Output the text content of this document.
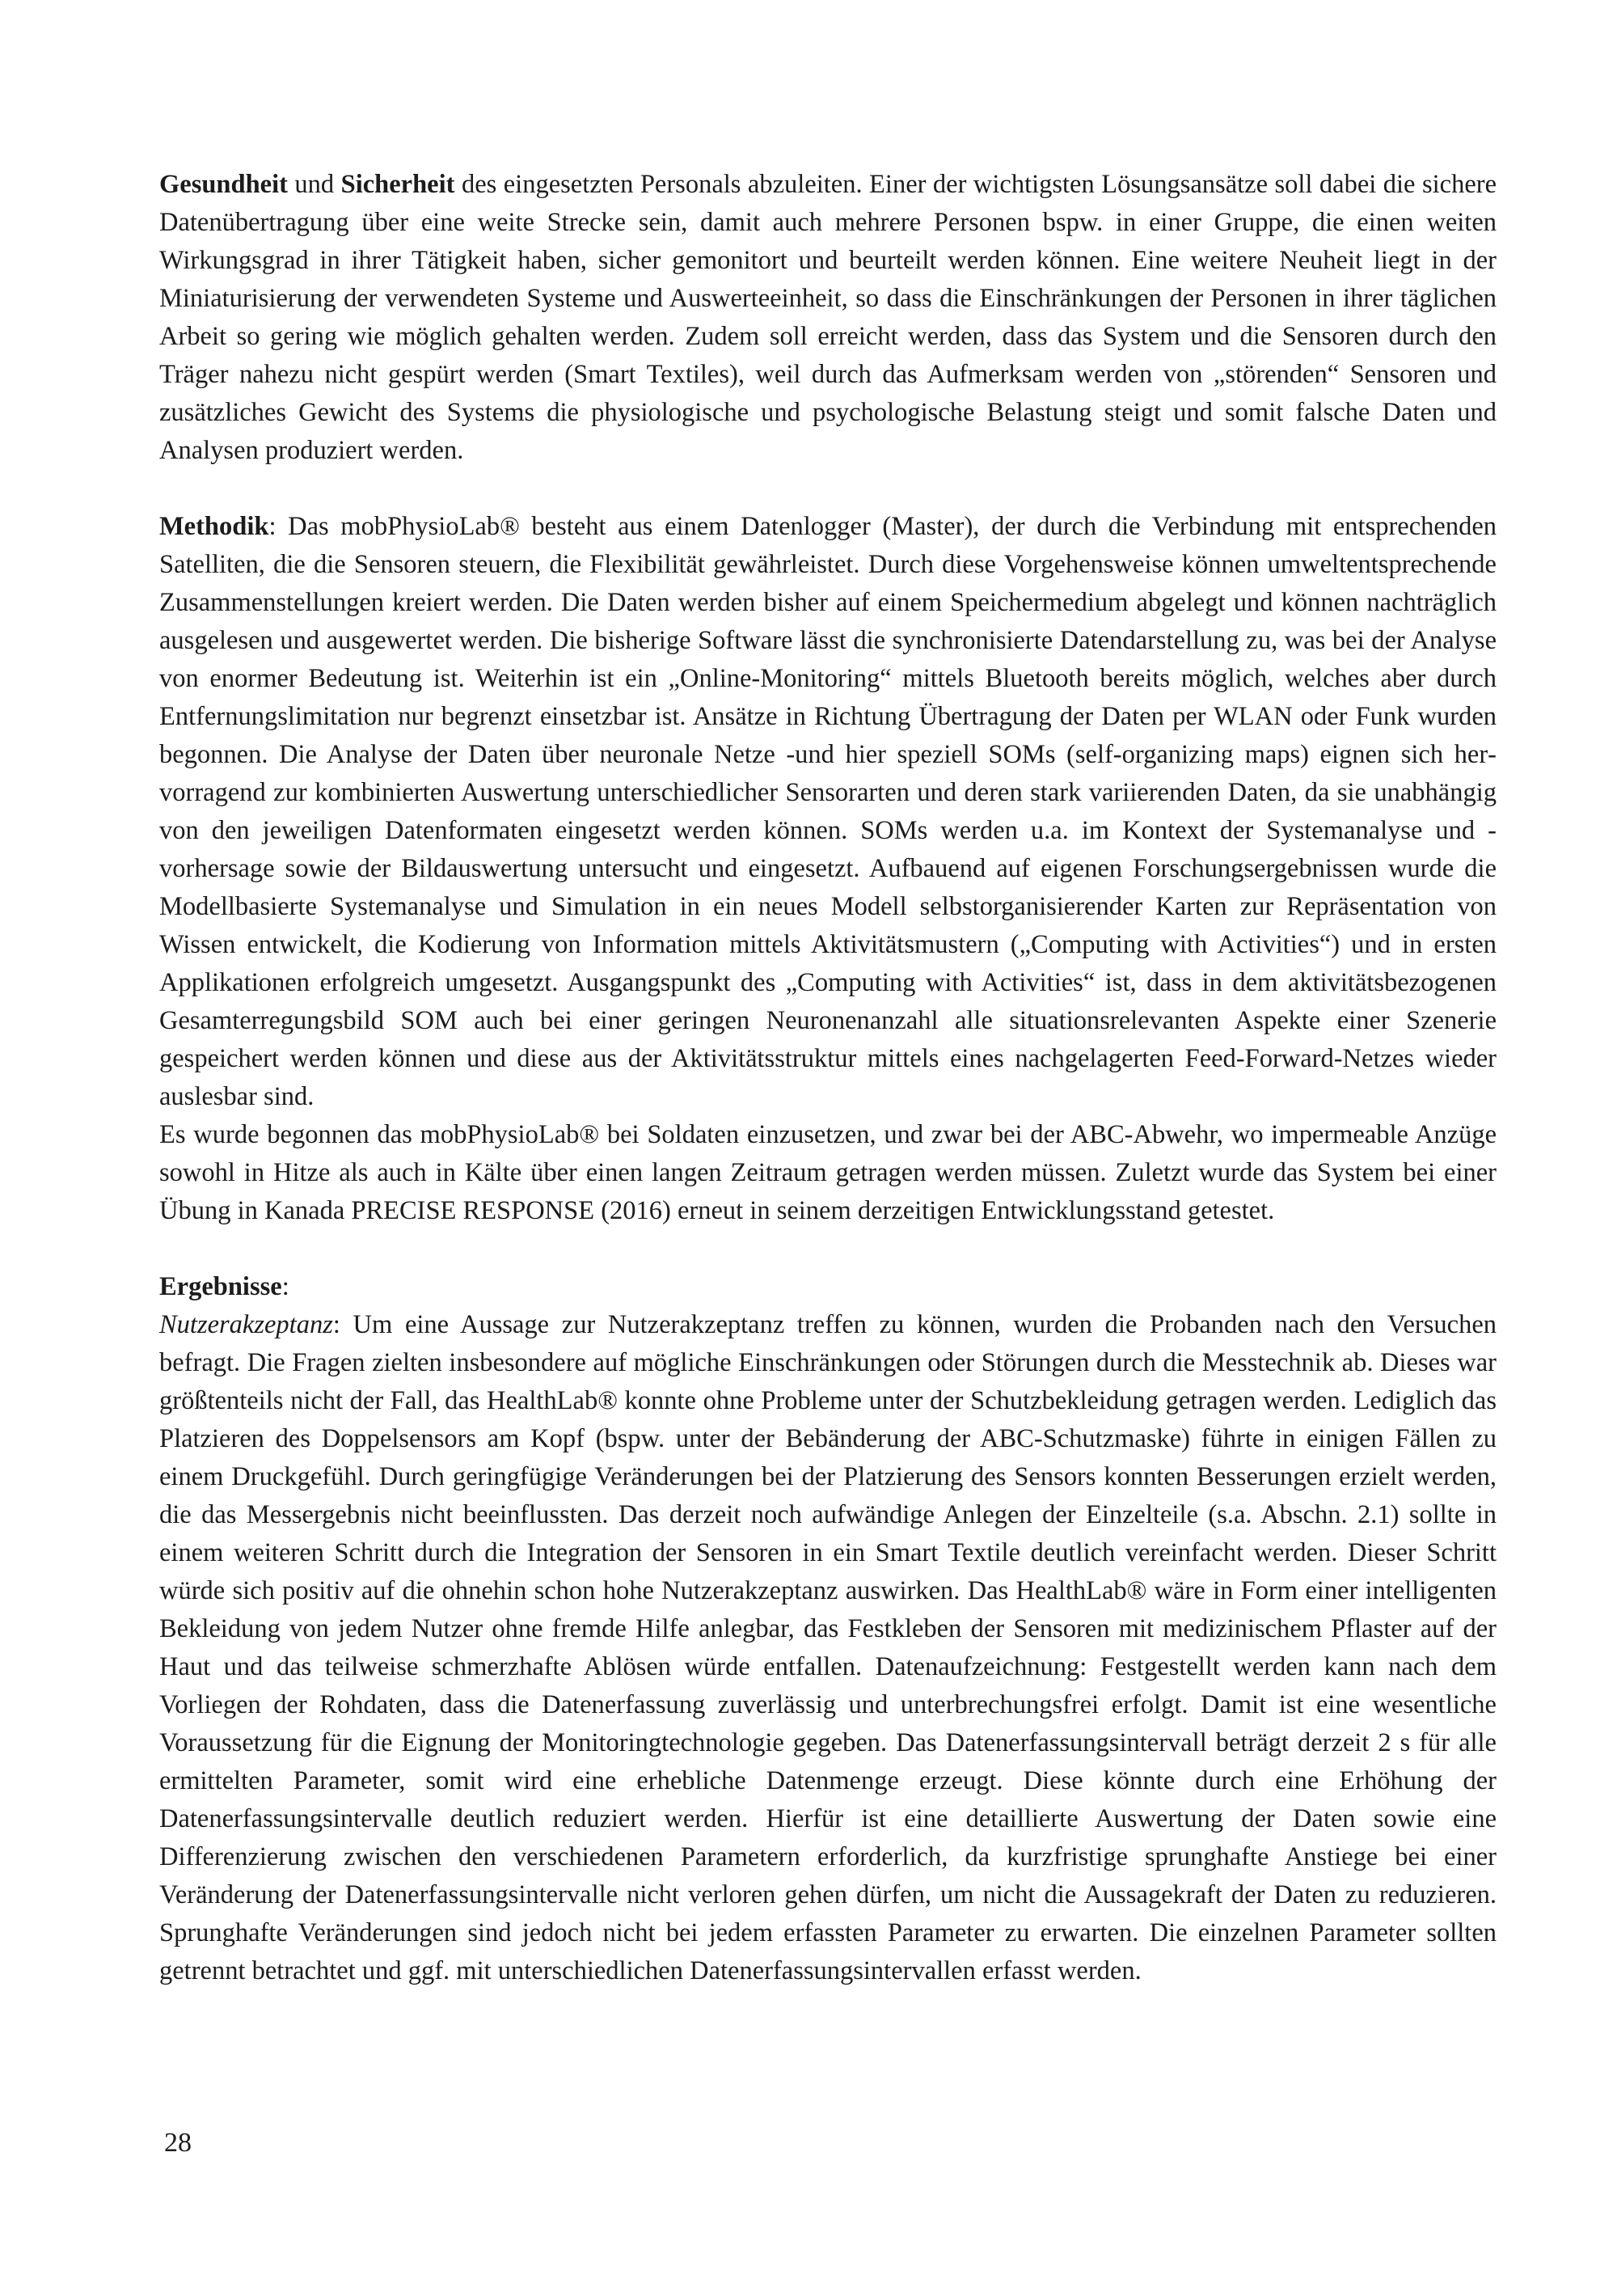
Gesundheit und Sicherheit des eingesetzten Personals abzuleiten. Einer der wichtigsten Lösungsansätze soll dabei die sichere Datenübertragung über eine weite Strecke sein, damit auch mehrere Personen bspw. in einer Gruppe, die einen weiten Wirkungsgrad in ihrer Tätigkeit haben, sicher gemonitort und beurteilt werden können. Eine weitere Neuheit liegt in der Miniaturisierung der verwendeten Systeme und Auswerteeinheit, so dass die Einschränkungen der Personen in ihrer täglichen Arbeit so gering wie möglich gehalten werden. Zudem soll erreicht werden, dass das System und die Sensoren durch den Träger nahezu nicht gespürt werden (Smart Textiles), weil durch das Aufmerksam werden von „störenden“ Sensoren und zusätzliches Gewicht des Systems die physiologische und psychologische Belastung steigt und somit falsche Daten und Analysen produziert werden.

Methodik: Das mobPhysioLab® besteht aus einem Datenlogger (Master), der durch die Verbindung mit entsprechenden Satelliten, die die Sensoren steuern, die Flexibilität gewährleistet. Durch diese Vorgehensweise können umweltentsprechende Zusammenstellungen kreiert werden. Die Daten werden bisher auf einem Speichermedium abgelegt und können nachträglich ausgelesen und ausgewertet werden. Die bisherige Software lässt die synchronisierte Datendarstellung zu, was bei der Analyse von enormer Bedeutung ist. Weiterhin ist ein „Online-Monitoring“ mittels Bluetooth bereits möglich, welches aber durch Entfernungslimitation nur begrenzt einsetzbar ist. Ansätze in Richtung Übertragung der Daten per WLAN oder Funk wurden begonnen. Die Analyse der Daten über neuronale Netze -und hier speziell SOMs (self-organizing maps) eignen sich hervorragend zur kombinierten Auswertung unterschiedlicher Sensorarten und deren stark variierenden Daten, da sie unabhängig von den jeweiligen Datenformaten eingesetzt werden können. SOMs werden u.a. im Kontext der Systemanalyse und -vorhersage sowie der Bildauswertung untersucht und eingesetzt. Aufbauend auf eigenen Forschungsergebnissen wurde die Modellbasierte Systemanalyse und Simulation in ein neues Modell selbstorganisierender Karten zur Repräsentation von Wissen entwickelt, die Kodierung von Information mittels Aktivitätsmustern („Computing with Activities“) und in ersten Applikationen erfolgreich umgesetzt. Ausgangspunkt des „Computing with Activities“ ist, dass in dem aktivitätsbezogenen Gesamterregungsbild SOM auch bei einer geringen Neuronenanzahl alle situationsrelevanten Aspekte einer Szenerie gespeichert werden können und diese aus der Aktivitätsstruktur mittels eines nachgelagerten Feed-Forward-Netzes wieder auslesbar sind.

Es wurde begonnen das mobPhysioLab® bei Soldaten einzusetzen, und zwar bei der ABC-Abwehr, wo impermeable Anzüge sowohl in Hitze als auch in Kälte über einen langen Zeitraum getragen werden müssen. Zuletzt wurde das System bei einer Übung in Kanada PRECISE RESPONSE (2016) erneut in seinem derzeitigen Entwicklungsstand getestet.

Ergebnisse:

Nutzerakzeptanz: Um eine Aussage zur Nutzerakzeptanz treffen zu können, wurden die Probanden nach den Versuchen befragt. Die Fragen zielten insbesondere auf mögliche Einschränkungen oder Störungen durch die Messtechnik ab. Dieses war größtenteils nicht der Fall, das HealthLab® konnte ohne Probleme unter der Schutzbekleidung getragen werden. Lediglich das Platzieren des Doppelsensors am Kopf (bspw. unter der Bebänderung der ABC-Schutzmaske) führte in einigen Fällen zu einem Druckgefühl. Durch geringfügige Veränderungen bei der Platzierung des Sensors konnten Besserungen erzielt werden, die das Messergebnis nicht beeinflussten. Das derzeit noch aufwändige Anlegen der Einzelteile (s.a. Abschn. 2.1) sollte in einem weiteren Schritt durch die Integration der Sensoren in ein Smart Textile deutlich vereinfacht werden. Dieser Schritt würde sich positiv auf die ohnehin schon hohe Nutzerakzeptanz auswirken. Das HealthLab® wäre in Form einer intelligenten Bekleidung von jedem Nutzer ohne fremde Hilfe anlegbar, das Festkleben der Sensoren mit medizinischem Pflaster auf der Haut und das teilweise schmerzhafte Ablösen würde entfallen. Datenaufzeichnung: Festgestellt werden kann nach dem Vorliegen der Rohdaten, dass die Datenerfassung zuverlässig und unterbrechungsfrei erfolgt. Damit ist eine wesentliche Voraussetzung für die Eignung der Monitoringtechnologie gegeben. Das Datenerfassungsintervall beträgt derzeit 2 s für alle ermittelten Parameter, somit wird eine erhebliche Datenmenge erzeugt. Diese könnte durch eine Erhöhung der Datenerfassungsintervalle deutlich reduziert werden. Hierfür ist eine detaillierte Auswertung der Daten sowie eine Differenzierung zwischen den verschiedenen Parametern erforderlich, da kurzfristige sprunghafte Anstiege bei einer Veränderung der Datenerfassungsintervalle nicht verloren gehen dürfen, um nicht die Aussagekraft der Daten zu reduzieren. Sprunghafte Veränderungen sind jedoch nicht bei jedem erfassten Parameter zu erwarten. Die einzelnen Parameter sollten getrennt betrachtet und ggf. mit unterschiedlichen Datenerfassungsintervallen erfasst werden.

28
